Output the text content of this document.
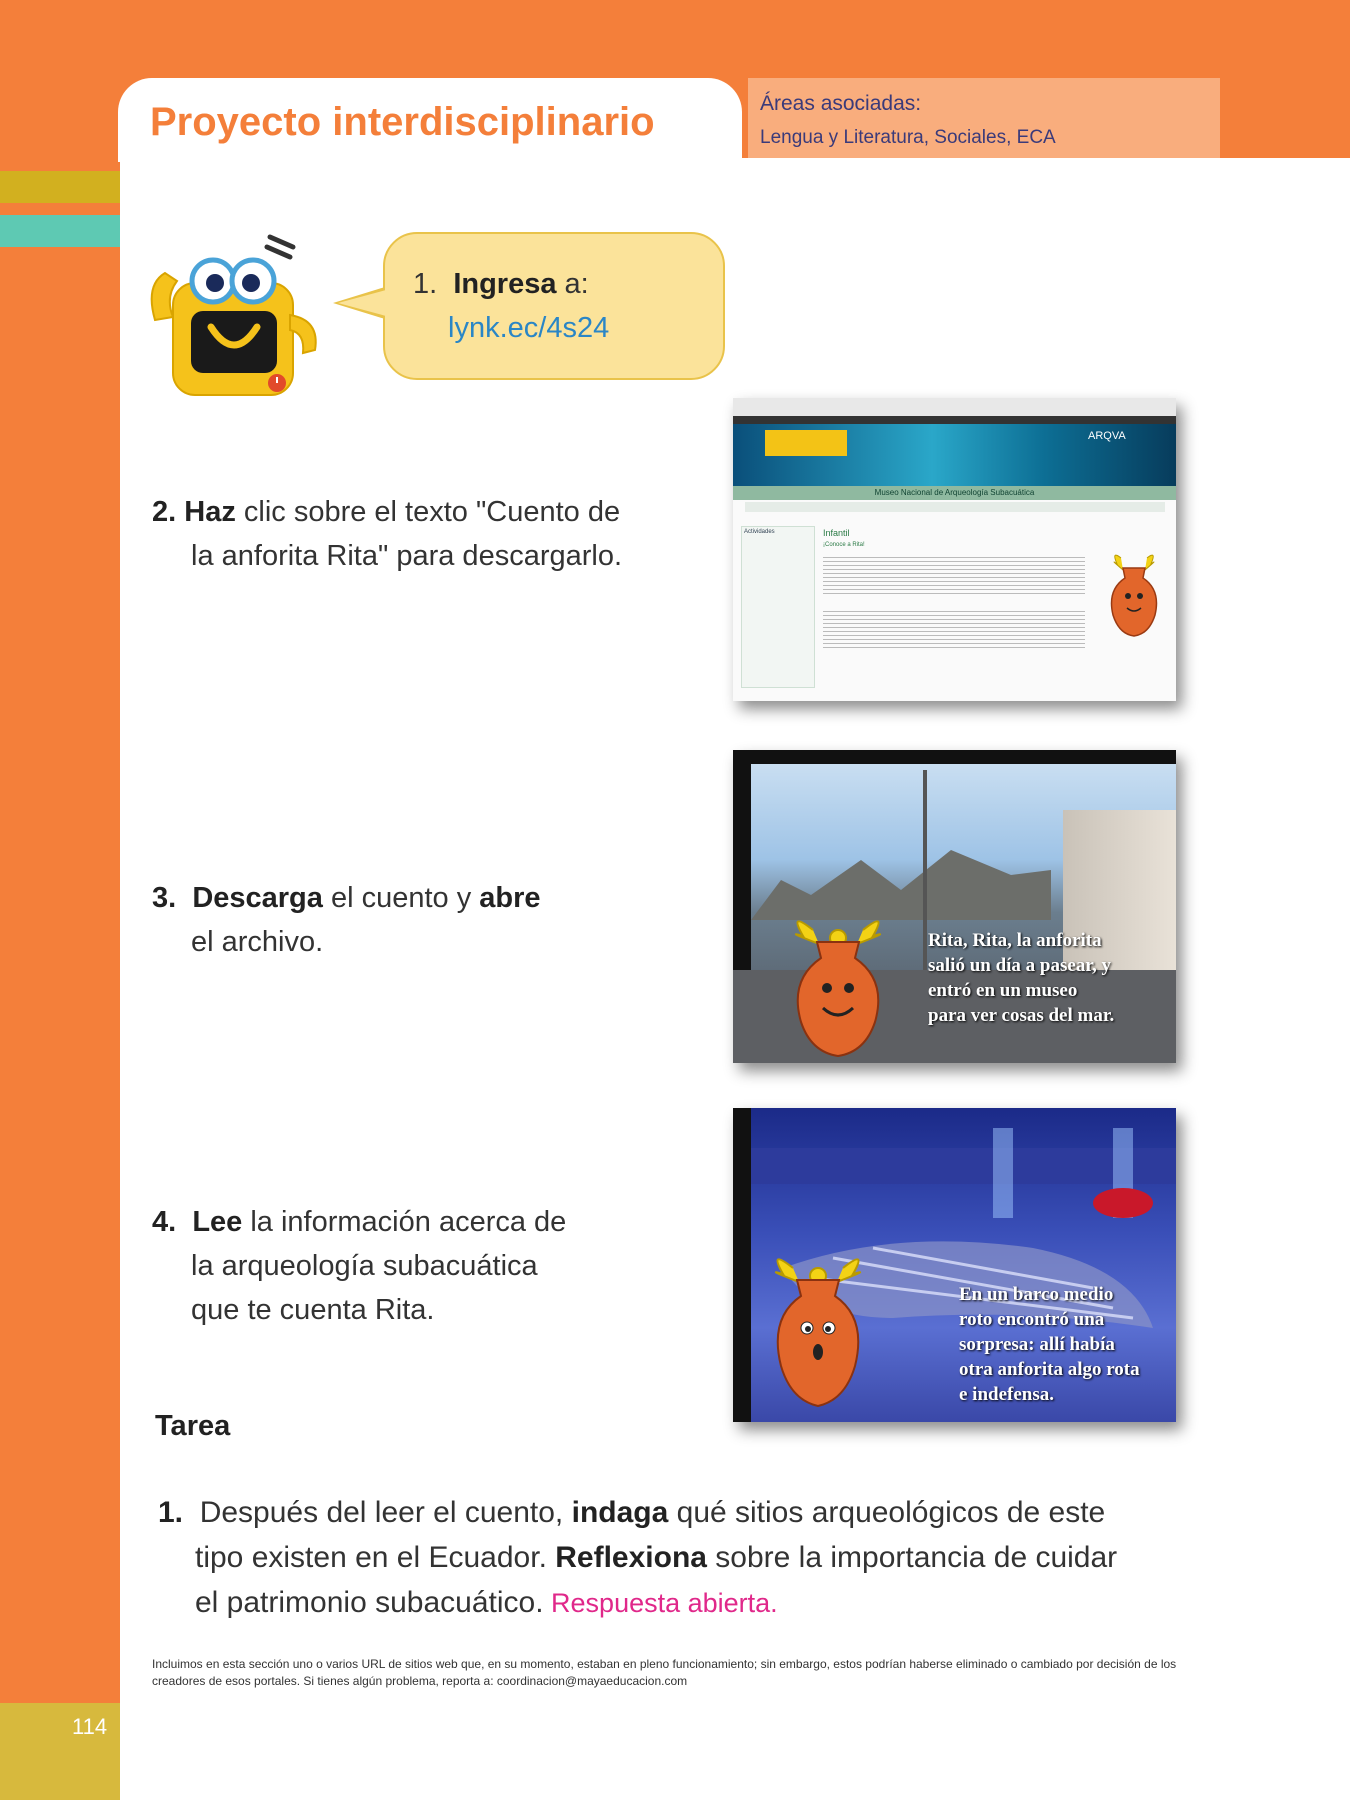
Proyecto interdisciplinario	Áreas asociadas:
Lengua y Literatura, Sociales, ECA
1. Ingresa a:
lynk.ec/4s24
2. Haz clic sobre el texto "Cuento de
la anforita Rita" para descargarlo.
ARQVA
Museo Nacional de Arqueología Subacuática
Actividades	Infantil
¡Conoce a Rita!
3. Descarga el cuento y abre
el archivo.	Rita, Rita, la anforita
salió un día a pasear, y
entró en un museo
para ver cosas del mar.
4. Lee la información acerca de
la arqueología subacuática
que te cuenta Rita.	En un barco medio
roto encontró una
sorpresa: allí había
otra anforita algo rota
e indefensa.
Tarea
1. Después del leer el cuento, indaga qué sitios arqueológicos de este
tipo existen en el Ecuador. Reflexiona sobre la importancia de cuidar
el patrimonio subacuático. Respuesta abierta.
Incluimos en esta sección uno o varios URL de sitios web que, en su momento, estaban en pleno funcionamiento; sin embargo, estos podrían haberse eliminado o cambiado por decisión de los creadores de esos portales. Si tienes algún problema, reporta a: coordinacion@mayaeducacion.com
114
